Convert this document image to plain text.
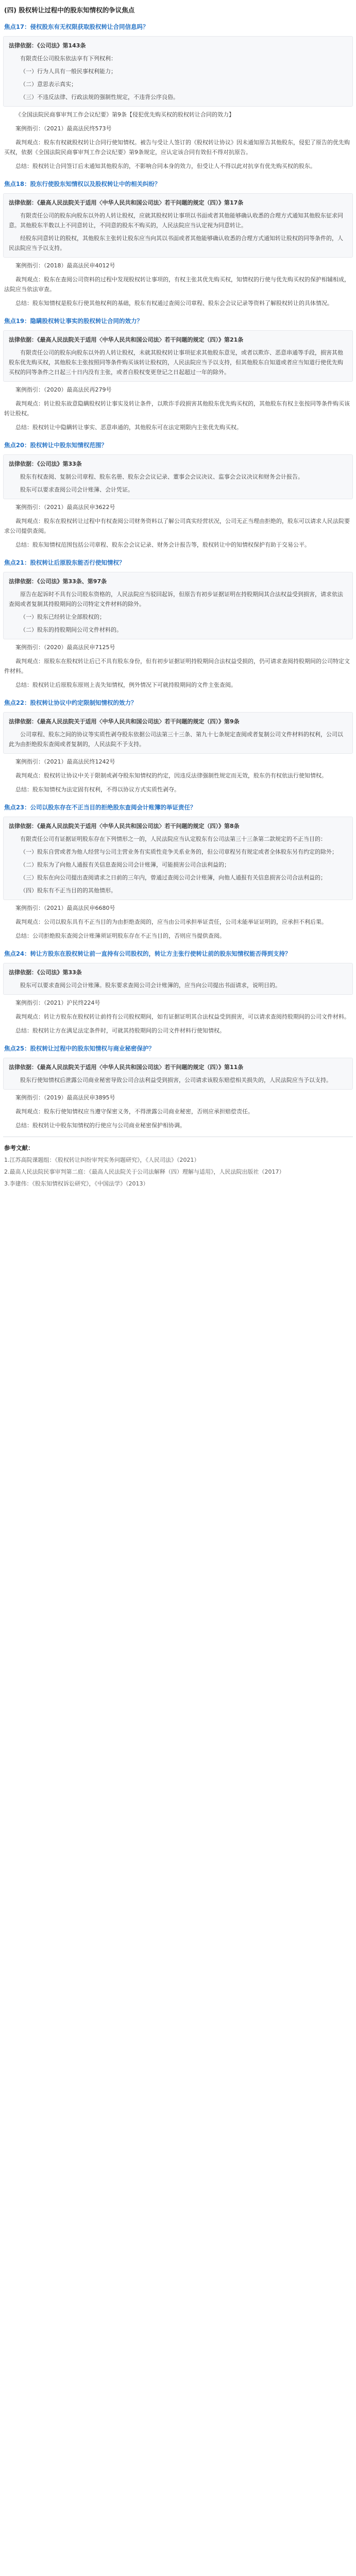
(四) 股权转让过程中的股东知情权的争议焦点
焦点17：侵权股东有无权限获取股权转让合同信息吗？

法律依据：《公司法》第143条

有限责任公司股东依法享有下列权利：

（一）行为人具有一般民事权利能力；

（二）意思表示真实；

（三）不违反法律、行政法规的强制性规定，不违背公序良俗。

《全国法院民商事审判工作会议纪要》第9条【侵犯优先购买权的股权转让合同的效力】

案例指引：（2021）最高法民终573号

裁判观点：股东有权就股权转让合同行使知情权。被告与受让人签订的《股权转让协议》因未通知原告其他股东，侵犯了原告的优先购买权，依据《全国法院民商事审判工作会议纪要》第9条规定，应认定该合同有效但不得对抗原告。

总结：股权转让合同签订后未通知其他股东的，不影响合同本身的效力，但受让人不得以此对抗享有优先购买权的股东。

焦点18：股东行使股东知情权以及股权转让中的相关纠纷？

法律依据：《最高人民法院关于适用〈中华人民共和国公司法〉若干问题的规定（四）》第17条

有限责任公司的股东向股东以外的人转让股权，应就其股权转让事项以书面或者其他能够确认收悉的合理方式通知其他股东征求同意。其他股东半数以上不同意转让，不同意的股东不购买的，人民法院应当认定视为同意转让。

经股东同意转让的股权，其他股东主张转让股东应当向其以书面或者其他能够确认收悉的合理方式通知转让股权的同等条件的，人民法院应当予以支持。

案例指引：（2018）最高法民申4012号

裁判观点：股东在查阅公司资料的过程中发现股权转让事项的，有权主张其优先购买权，知情权的行使与优先购买权的保护相辅相成，法院应当依法审查。

总结：股东知情权是股东行使其他权利的基础，股东有权通过查阅公司章程、股东会会议记录等资料了解股权转让的具体情况。

焦点19：隐瞒股权转让事实的股权转让合同的效力？

法律依据：《最高人民法院关于适用〈中华人民共和国公司法〉若干问题的规定（四）》第21条

有限责任公司的股东向股东以外的人转让股权，未就其股权转让事项征求其他股东意见，或者以欺诈、恶意串通等手段，损害其他股东优先购买权，其他股东主张按照同等条件购买该转让股权的，人民法院应当予以支持，但其他股东自知道或者应当知道行使优先购买权的同等条件之日起三十日内没有主张，或者自股权变更登记之日起超过一年的除外。

案例指引：（2020）最高法民再279号

裁判观点：转让股东故意隐瞒股权转让事实及转让条件，以欺诈手段损害其他股东优先购买权的，其他股东有权主张按同等条件购买该转让股权。

总结：股权转让中隐瞒转让事实、恶意串通的，其他股东可在法定期限内主张优先购买权。

焦点20：股权转让中股东知情权范围？

法律依据：《公司法》第33条

股东有权查阅、复制公司章程、股东名册、股东会会议记录、董事会会议决议、监事会会议决议和财务会计报告。

股东可以要求查阅公司会计账簿、会计凭证。

案例指引：（2021）最高法民申3622号

裁判观点：股东在股权转让过程中有权查阅公司财务资料以了解公司真实经营状况，公司无正当理由拒绝的，股东可以请求人民法院要求公司提供查阅。

总结：股东知情权范围包括公司章程、股东会会议记录、财务会计报告等，股权转让中的知情权保护有助于交易公平。

焦点21：股权转让后原股东能否行使知情权？

法律依据：《公司法》第33条、第97条

原告在起诉时不具有公司股东资格的，人民法院应当驳回起诉，但原告有初步证据证明在持股期间其合法权益受到损害，请求依法查阅或者复制其持股期间的公司特定文件材料的除外。

（一）股东已经转让全部股权的；

（二）股东的持股期间公司文件材料的。

案例指引：（2020）最高法民申7125号

裁判观点：原股东在股权转让后已不具有股东身份，但有初步证据证明持股期间合法权益受损的，仍可请求查阅持股期间的公司特定文件材料。

总结：股权转让后原股东原则上丧失知情权，例外情况下可就持股期间的文件主张查阅。

焦点22：股权转让协议中约定限制知情权的效力？

法律依据：《最高人民法院关于适用〈中华人民共和国公司法〉若干问题的规定（四）》第9条

公司章程、股东之间的协议等实质性剥夺股东依据公司法第三十三条、第九十七条规定查阅或者复制公司文件材料的权利，公司以此为由拒绝股东查阅或者复制的，人民法院不予支持。

案例指引：（2021）最高法民终1242号

裁判观点：股权转让协议中关于限制或剥夺股东知情权的约定，因违反法律强制性规定而无效，股东仍有权依法行使知情权。

总结：股东知情权为法定固有权利，不得以协议方式实质性剥夺。

焦点23：公司以股东存在不正当目的拒绝股东查阅会计账簿的举证责任？

法律依据：《最高人民法院关于适用〈中华人民共和国公司法〉若干问题的规定（四）》第8条

有限责任公司有证据证明股东存在下列情形之一的，人民法院应当认定股东有公司法第三十三条第二款规定的不正当目的：

（一）股东自营或者为他人经营与公司主营业务有实质性竞争关系业务的，但公司章程另有规定或者全体股东另有约定的除外；

（二）股东为了向他人通报有关信息查阅公司会计账簿，可能损害公司合法利益的；

（三）股东在向公司提出查阅请求之日前的三年内，曾通过查阅公司会计账簿，向他人通报有关信息损害公司合法利益的；

（四）股东有不正当目的的其他情形。

案例指引：（2021）最高法民申6680号

裁判观点：公司以股东具有不正当目的为由拒绝查阅的，应当由公司承担举证责任，公司未能举证证明的，应承担不利后果。

总结：公司拒绝股东查阅会计账簿须证明股东存在不正当目的，否则应当提供查阅。

焦点24：转让方股东在股权转让前一直持有公司股权的，转让方主张行使转让前的股东知情权能否得到支持？

法律依据：《公司法》第33条

股东可以要求查阅公司会计账簿。股东要求查阅公司会计账簿的，应当向公司提出书面请求，说明目的。

案例指引：（2021）沪民终224号

裁判观点：转让方股东在股权转让前持有公司股权期间，如有证据证明其合法权益受到损害，可以请求查阅持股期间的公司文件材料。

总结：股权转让方在满足法定条件时，可就其持股期间的公司文件材料行使知情权。

焦点25：股权转让过程中的股东知情权与商业秘密保护？

法律依据：《最高人民法院关于适用〈中华人民共和国公司法〉若干问题的规定（四）》第11条

股东行使知情权后泄露公司商业秘密导致公司合法利益受到损害，公司请求该股东赔偿相关损失的，人民法院应当予以支持。

案例指引：（2019）最高法民申3895号

裁判观点：股东行使知情权应当遵守保密义务，不得泄露公司商业秘密，否则应承担赔偿责任。

总结：股权转让中股东知情权的行使应与公司商业秘密保护相协调。

参考文献：
1.江苏高院课题组：《股权转让纠纷审判实务问题研究》，《人民司法》（2021）
2.最高人民法院民事审判第二庭：《最高人民法院关于公司法解释（四）理解与适用》，人民法院出版社（2017）
3.李建伟：《股东知情权诉讼研究》，《中国法学》（2013）
